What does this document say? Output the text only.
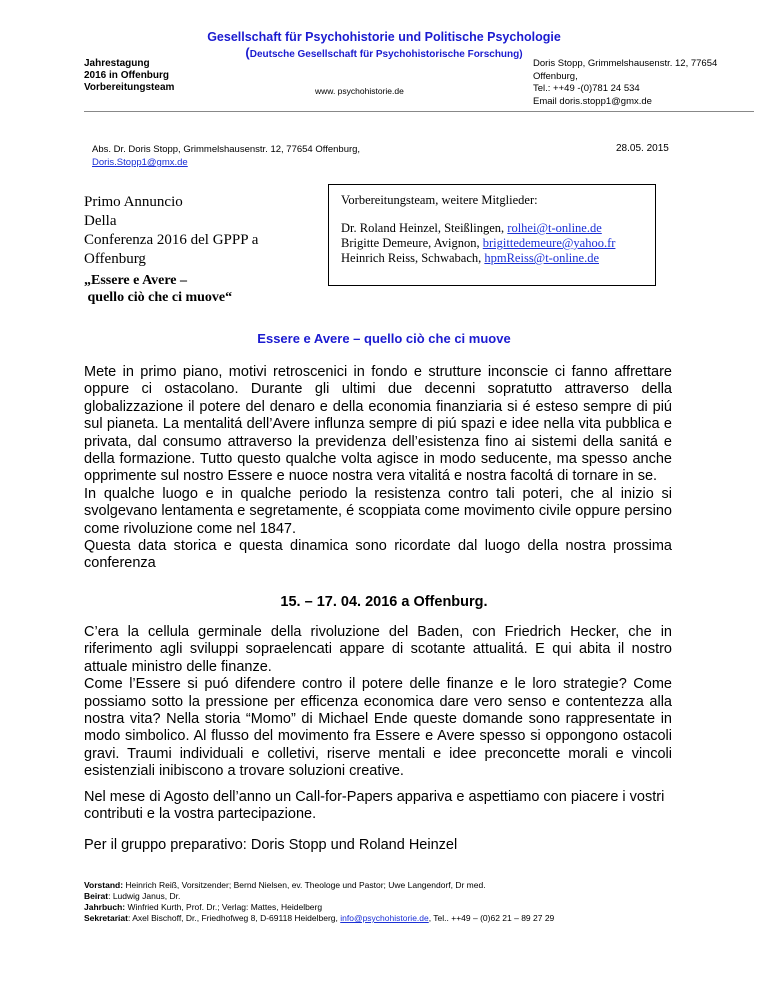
Gesellschaft für Psychohistorie und Politische Psychologie
(Deutsche Gesellschaft für Psychohistorische Forschung)
Jahrestagung
2016 in Offenburg
Vorbereitungsteam	www. psychohistorie.de
Doris Stopp, Grimmelshausenstr. 12, 77654
Offenburg,
Tel.: ++49 -(0)781 24 534
Email doris.stopp1@gmx.de
Abs. Dr. Doris Stopp, Grimmelshausenstr. 12, 77654 Offenburg,
Doris.Stopp1@gmx.de
28.05. 2015
Primo Annuncio
Della
Conferenza 2016 del GPPP a
Offenburg
Vorbereitungsteam, weitere Mitglieder:
Dr. Roland Heinzel, Steißlingen, rolhei@t-online.de
Brigitte Demeure, Avignon, brigittedemeure@yahoo.fr
Heinrich Reiss, Schwabach, hpmReiss@t-online.de
„Essere e Avere –
quello ciò che ci muove“
Essere e Avere – quello ciò che ci muove
Mete in primo piano, motivi retroscenici in fondo e strutture inconscie ci fanno affrettare oppure ci ostacolano. Durante gli ultimi due decenni sopratutto attraverso della globalizzazione il potere del denaro e della economia finanziaria si é esteso sempre di piú sul pianeta. La mentalitá dell’Avere influnza sempre di piú spazi e idee nella vita pubblica e privata, dal consumo attraverso la previdenza dell’esistenza fino ai sistemi della sanitá e della formazione. Tutto questo qualche volta agisce in modo seducente, ma spesso anche opprimente sul nostro Essere e nuoce nostra vera vitalitá e nostra facoltá di tornare in se.
In qualche luogo e in qualche periodo la resistenza contro tali poteri, che al inizio si svolgevano lentamenta e segretamente, é scoppiata come movimento civile oppure persino come rivoluzione come nel 1847.
Questa data storica e questa dinamica sono ricordate dal luogo della nostra prossima conferenza
15. – 17. 04. 2016 a Offenburg.
C’era la cellula germinale della rivoluzione del Baden, con Friedrich Hecker, che in riferimento agli sviluppi sopraelencati appare di scotante attualitá. E qui abita il nostro attuale ministro delle finanze.
Come l’Essere si puó difendere contro il potere delle finanze e le loro strategie? Come possiamo sotto la pressione per efficenza economica dare vero senso e contentezza alla nostra vita? Nella storia “Momo” di Michael Ende queste domande sono rappresentate in modo simbolico. Al flusso del movimento fra Essere e Avere spesso si oppongono ostacoli gravi. Traumi individuali e colletivi, riserve mentali e idee preconcette morali e vincoli esistenziali inibiscono a trovare soluzioni creative.
Nel mese di Agosto dell’anno un Call-for-Papers appariva e aspettiamo con piacere i vostri contributi e la vostra partecipazione.
Per il gruppo preparativo: Doris Stopp und Roland Heinzel
Vorstand: Heinrich Reiß, Vorsitzender; Bernd Nielsen, ev. Theologe und Pastor; Uwe Langendorf, Dr med.
Beirat: Ludwig Janus, Dr.
Jahrbuch: Winfried Kurth, Prof. Dr.; Verlag: Mattes, Heidelberg
Sekretariat: Axel Bischoff, Dr., Friedhofweg 8, D-69118 Heidelberg, info@psychohistorie.de, Tel.. ++49 – (0)62 21 – 89 27 29
